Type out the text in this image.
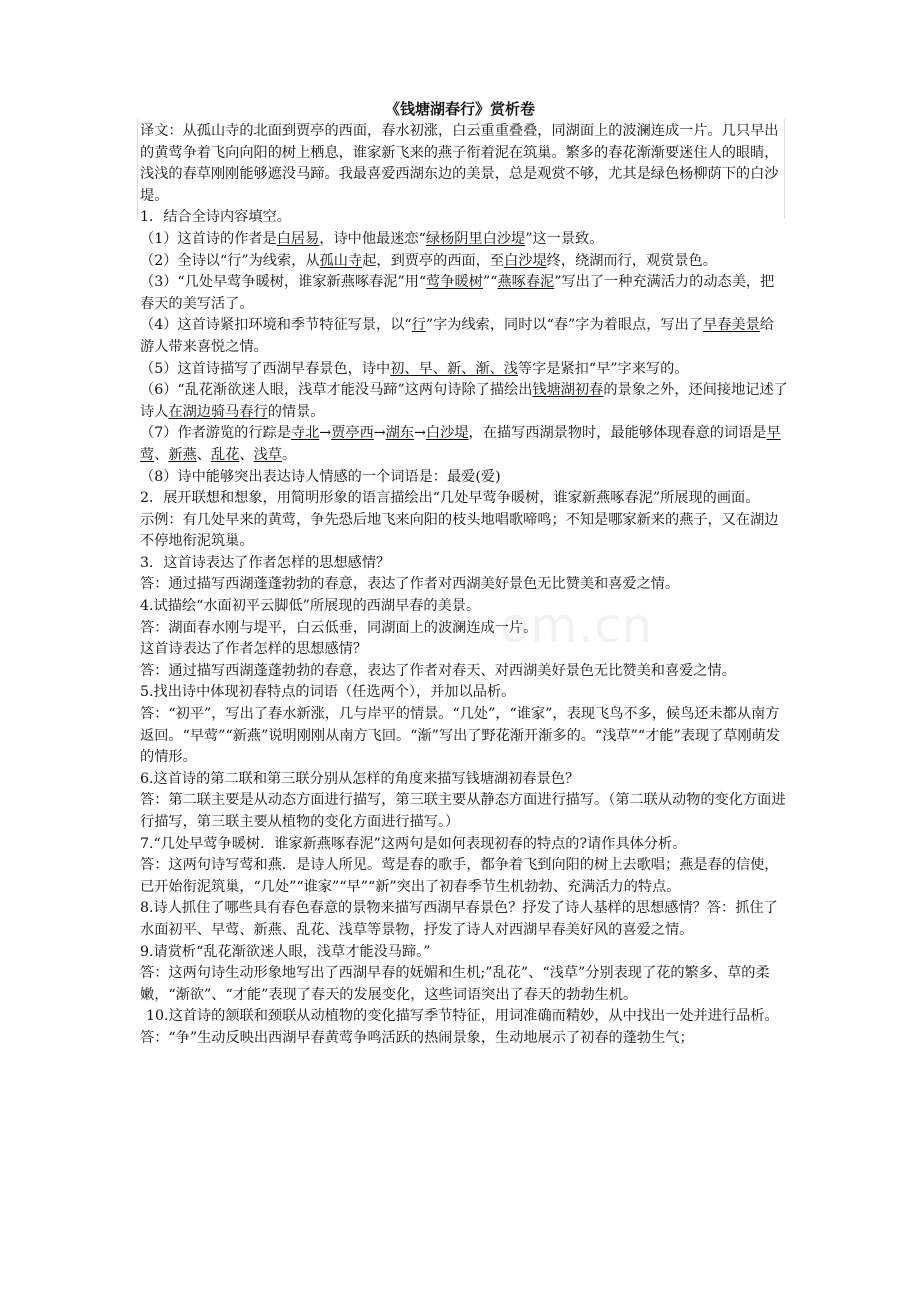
《钱塘湖春行》赏析卷
om.cn

译文：从孤山寺的北面到贾亭的西面，春水初涨，白云重重叠叠，同湖面上的波澜连成一片。几只早出的黄莺争着飞向向阳的树上栖息，谁家新飞来的燕子衔着泥在筑巢。繁多的春花渐渐要迷住人的眼睛，浅浅的春草刚刚能够遮没马蹄。我最喜爱西湖东边的美景，总是观赏不够，尤其是绿色杨柳荫下的白沙堤。

1．结合全诗内容填空。

（1）这首诗的作者是白居易，诗中他最迷恋“绿杨阴里白沙堤”这一景致。

（2）全诗以“行”为线索，从孤山寺起，到贾亭的西面，至白沙堤终，绕湖而行，观赏景色。

（3）“几处早莺争暖树，谁家新燕啄春泥”用“莺争暖树”“燕啄春泥”写出了一种充满活力的动态美，把春天的美写活了。

（4）这首诗紧扣环境和季节特征写景，以“行”字为线索，同时以“春”字为着眼点，写出了早春美景给游人带来喜悦之情。

（5）这首诗描写了西湖早春景色，诗中初、早、新、渐、浅等字是紧扣“早”字来写的。

（6）“乱花渐欲迷人眼，浅草才能没马蹄”这两句诗除了描绘出钱塘湖初春的景象之外，还间接地记述了诗人在湖边骑马春行的情景。

（7）作者游览的行踪是寺北→贾亭西→湖东→白沙堤，在描写西湖景物时，最能够体现春意的词语是早莺、新燕、乱花、浅草。

（8）诗中能够突出表达诗人情感的一个词语是：最爱(爱)

2．展开联想和想象，用简明形象的语言描绘出“几处早莺争暖树，谁家新燕啄春泥”所展现的画面。

示例：有几处早来的黄莺，争先恐后地飞来向阳的枝头地唱歌啼鸣；不知是哪家新来的燕子，又在湖边不停地衔泥筑巢。

3．这首诗表达了作者怎样的思想感情？

答：通过描写西湖蓬蓬勃勃的春意，表达了作者对西湖美好景色无比赞美和喜爱之情。

4.试描绘“水面初平云脚低”所展现的西湖早春的美景。

答：湖面春水刚与堤平，白云低垂，同湖面上的波澜连成一片。

这首诗表达了作者怎样的思想感情？

答：通过描写西湖蓬蓬勃勃的春意，表达了作者对春天、对西湖美好景色无比赞美和喜爱之情。

5.找出诗中体现初春特点的词语（任选两个），并加以品析。

答：“初平”，写出了春水新涨，几与岸平的情景。“几处”，“谁家”，表现飞鸟不多，候鸟还未都从南方返回。“早莺”“新燕”说明刚刚从南方飞回。“渐”写出了野花渐开渐多的。“浅草”“才能”表现了草刚萌发的情形。

6.这首诗的第二联和第三联分别从怎样的角度来描写钱塘湖初春景色？

答：第二联主要是从动态方面进行描写，第三联主要从静态方面进行描写。（第二联从动物的变化方面进行描写，第三联主要从植物的变化方面进行描写。）

7.“几处早莺争暖树．谁家新燕啄春泥”这两句是如何表现初春的特点的?请作具体分析。

答：这两句诗写莺和燕．是诗人所见。莺是春的歌手，都争着飞到向阳的树上去歌唱；燕是春的信使，已开始衔泥筑巢，“几处”“谁家”“早”“新”突出了初春季节生机勃勃、充满活力的特点。

8.诗人抓住了哪些具有春色春意的景物来描写西湖早春景色？抒发了诗人基样的思想感情？答：抓住了水面初平、早莺、新燕、乱花、浅草等景物，抒发了诗人对西湖早春美好风的喜爱之情。

9.请赏析“乱花渐欲迷人眼，浅草才能没马蹄。”

答：这两句诗生动形象地写出了西湖早春的妩媚和生机;”乱花”、“浅草”分别表现了花的繁多、草的柔嫩，“渐欲”、“才能”表现了春天的发展变化，这些词语突出了春天的勃勃生机。

10.这首诗的颔联和颈联从动植物的变化描写季节特征，用词准确而精妙，从中找出一处并进行品析。

答：“争”生动反映出西湖早春黄莺争鸣活跃的热闹景象，生动地展示了初春的蓬勃生气；
